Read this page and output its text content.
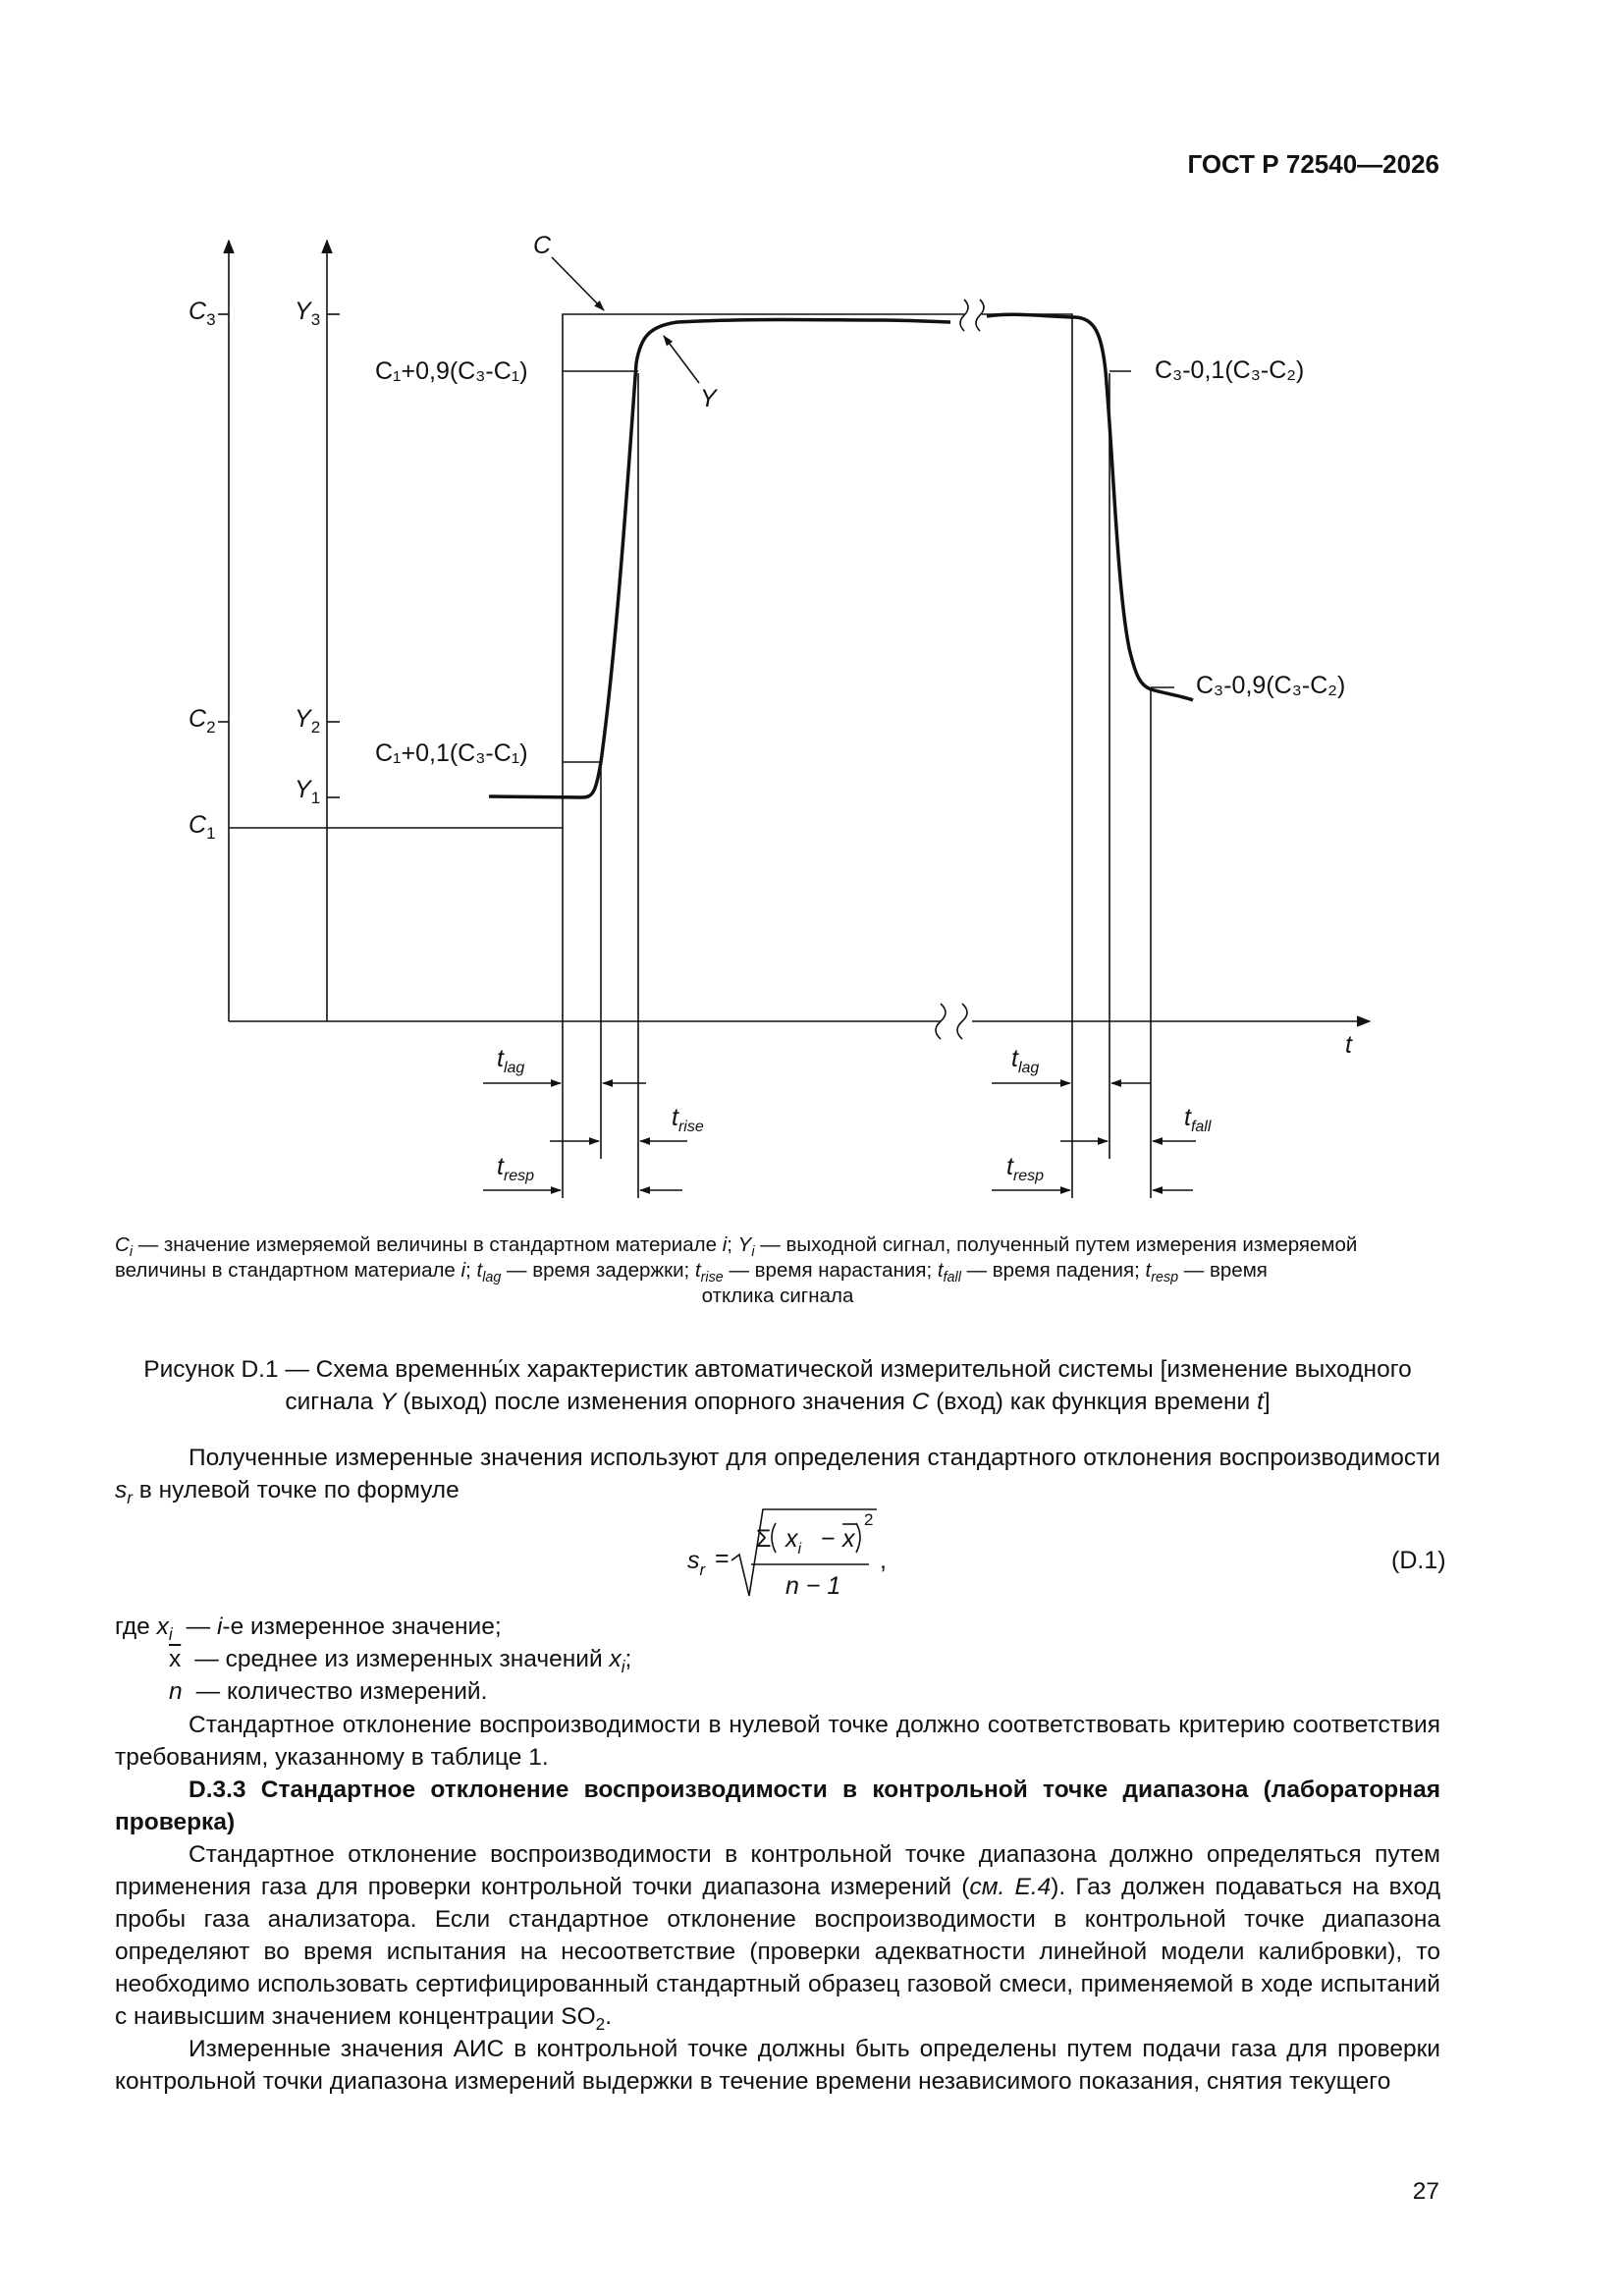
ГОСТ Р 72540—2026
$C_3$	$Y_3$
$C_2$	$Y_2$
$Y_1$
$C_1$
C
Y
t
C₁+0,9(C₃-C₁)
C₁+0,1(C₃-C₁)
C₃-0,1(C₃-C₂)
C₃-0,9(C₃-C₂)
$t_{lag}$
$t_{rise}$
$t_{resp}$
$t_{lag}$
$t_{fall}$
$t_{resp}$
$C_i$ — значение измеряемой величины в стандартном материале i; $Y_i$ — выходной сигнал, полученный путем измерения измеряемой
величины в стандартном материале i; $t_{lag}$ — время задержки; $t_{rise}$ — время нарастания; $t_{fall}$ — время падения; $t_{resp}$ — время
отклика сигнала
Рисунок D.1 — Схема временны́х характеристик автоматической измерительной системы [изменение выходного сигнала Y (выход) после изменения опорного значения C (вход) как функция времени t]

Полученные измеренные значения используют для определения стандартного отклонения воспроизводимости $s_r$ в нулевой точке по формуле

$s_r$ =
Σ $x_i - x$
2
n − 1
,	(D.1)
где $x_i$ — i-е измеренное значение;
$\overline{x}$ — среднее из измеренных значений $x_i$;
n — количество измерений.

Стандартное отклонение воспроизводимости в нулевой точке должно соответствовать критерию соответствия требованиям, указанному в таблице 1.

D.3.3 Стандартное отклонение воспроизводимости в контрольной точке диапазона (лабораторная проверка)

Стандартное отклонение воспроизводимости в контрольной точке диапазона должно определяться путем применения газа для проверки контрольной точки диапазона измерений (см. E.4). Газ должен подаваться на вход пробы газа анализатора. Если стандартное отклонение воспроизводимости в контрольной точке диапазона определяют во время испытания на несоответствие (проверки адекватности линейной модели калибровки), то необходимо использовать сертифицированный стандартный образец газовой смеси, применяемой в ходе испытаний с наивысшим значением концентрации $SO_2$.

Измеренные значения АИС в контрольной точке должны быть определены путем подачи газа для проверки контрольной точки диапазона измерений выдержки в течение времени независимого показания, снятия текущего

27
